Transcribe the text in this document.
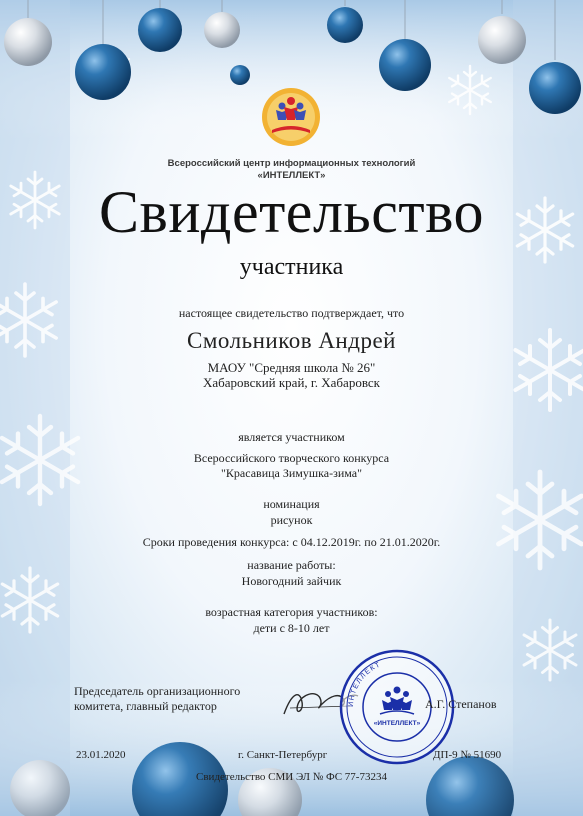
Всероссийский центр информационных технологий
«ИНТЕЛЛЕКТ»
Свидетельство
участника
настоящее свидетельство подтверждает, что
Смольников Андрей
МАОУ "Средняя школа № 26"
Хабаровский край, г. Хабаровск
является участником
Всероссийского творческого конкурса
"Красавица Зимушка-зима"
номинация
рисунок
Сроки проведения конкурса: с 04.12.2019г. по 21.01.2020г.
название работы:
Новогодний зайчик
возрастная категория участников:
дети с 8-10 лет
Председатель организационного
комитета, главный редактор	ИНТЕЛЛЕКТ
«ИНТЕЛЛЕКТ»
А.Г. Степанов
23.01.2020	г. Санкт-Петербург	ДП-9 № 51690
Свидетельство СМИ ЭЛ № ФС 77-73234
